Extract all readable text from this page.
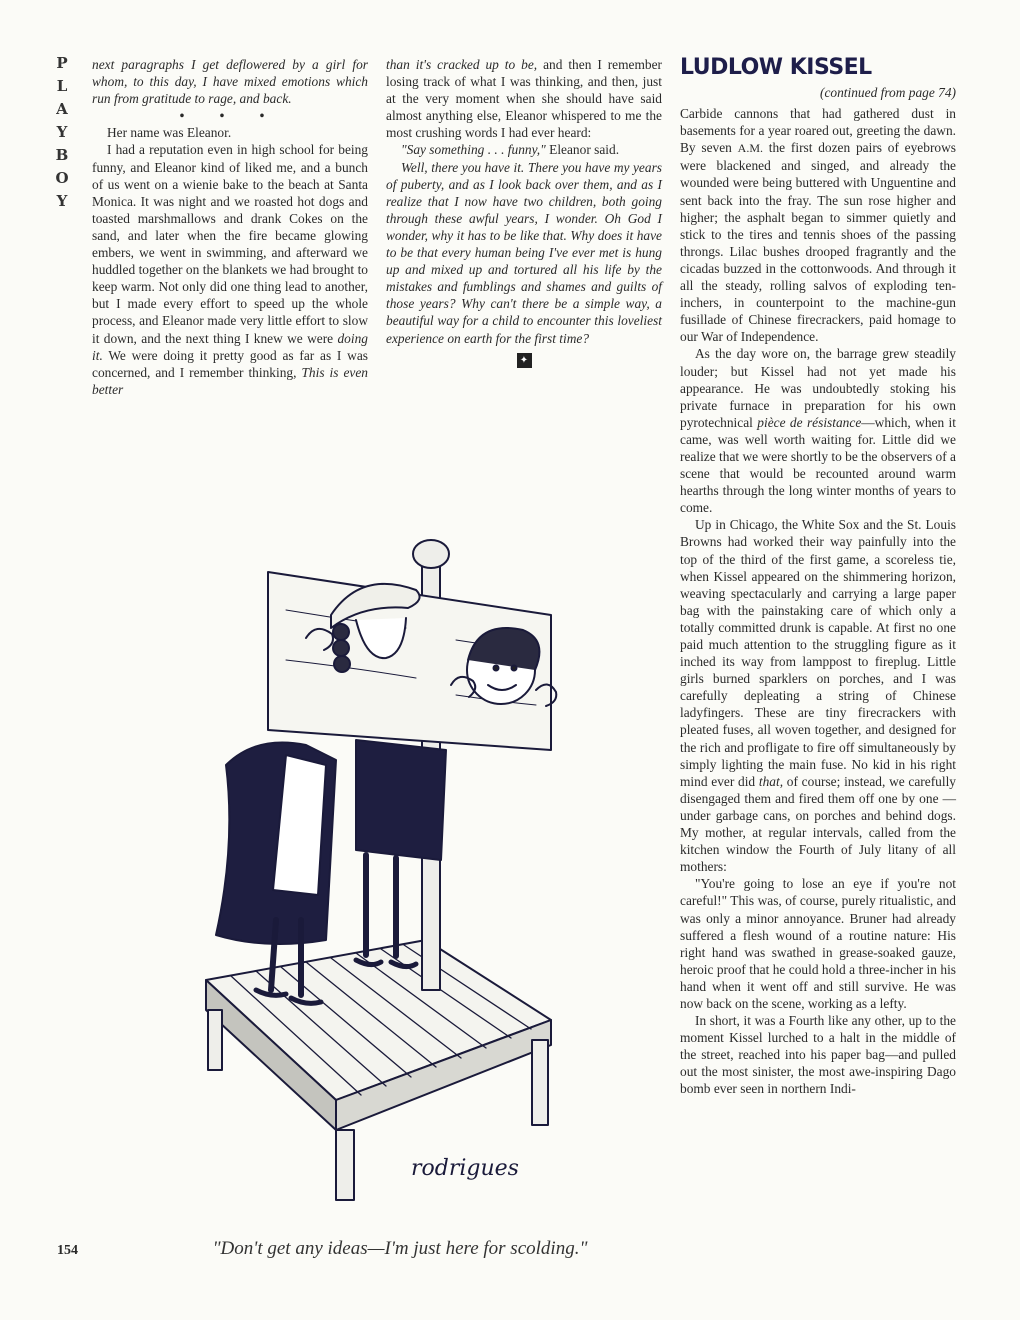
P
L
A
Y
B
O
Y

next paragraphs I get deflowered by a girl for whom, to this day, I have mixed emotions which run from gratitude to rage, and back.

• • •

Her name was Eleanor.

I had a reputation even in high school for being funny, and Eleanor kind of liked me, and a bunch of us went on a wienie bake to the beach at Santa Monica. It was night and we roasted hot dogs and toasted marshmallows and drank Cokes on the sand, and later when the fire became glowing embers, we went in swimming, and afterward we huddled together on the blankets we had brought to keep warm. Not only did one thing lead to another, but I made every effort to speed up the whole process, and Eleanor made very little effort to slow it down, and the next thing I knew we were doing it. We were doing it pretty good as far as I was concerned, and I remember thinking, This is even better

than it's cracked up to be, and then I remember losing track of what I was thinking, and then, just at the very moment when she should have said almost anything else, Eleanor whispered to me the most crushing words I had ever heard:

"Say something . . . funny," Eleanor said.

Well, there you have it. There you have my years of puberty, and as I look back over them, and as I realize that I now have two children, both going through these awful years, I wonder. Oh God I wonder, why it has to be like that. Why does it have to be that every human being I've ever met is hung up and mixed up and tortured all his life by the mistakes and fumblings and shames and guilts of those years? Why can't there be a simple way, a beautiful way for a child to encounter this loveliest experience on earth for the first time?

✦
LUDLOW KISSEL
(continued from page 74)

Carbide cannons that had gathered dust in basements for a year roared out, greeting the dawn. By seven A.M. the first dozen pairs of eyebrows were blackened and singed, and already the wounded were being buttered with Unguentine and sent back into the fray. The sun rose higher and higher; the asphalt began to simmer quietly and stick to the tires and tennis shoes of the passing throngs. Lilac bushes drooped fragrantly and the cicadas buzzed in the cottonwoods. And through it all the steady, rolling salvos of exploding ten-inchers, in counterpoint to the machine-gun fusillade of Chinese firecrackers, paid homage to our War of Independence.

As the day wore on, the barrage grew steadily louder; but Kissel had not yet made his appearance. He was undoubtedly stoking his private furnace in preparation for his own pyrotechnical pièce de résistance—which, when it came, was well worth waiting for. Little did we realize that we were shortly to be the observers of a scene that would be recounted around warm hearths through the long winter months of years to come.

Up in Chicago, the White Sox and the St. Louis Browns had worked their way painfully into the top of the third of the first game, a scoreless tie, when Kissel appeared on the shimmering horizon, weaving spectacularly and carrying a large paper bag with the painstaking care of which only a totally committed drunk is capable. At first no one paid much attention to the struggling figure as it inched its way from lamppost to fireplug. Little girls burned sparklers on porches, and I was carefully depleating a string of Chinese ladyfingers. These are tiny firecrackers with pleated fuses, all woven together, and designed for the rich and profligate to fire off simultaneously by simply lighting the main fuse. No kid in his right mind ever did that, of course; instead, we carefully disengaged them and fired them off one by one —under garbage cans, on porches and behind dogs. My mother, at regular intervals, called from the kitchen window the Fourth of July litany of all mothers:

"You're going to lose an eye if you're not careful!" This was, of course, purely ritualistic, and was only a minor annoyance. Bruner had already suffered a flesh wound of a routine nature: His right hand was swathed in grease-soaked gauze, heroic proof that he could hold a three-incher in his hand when it went off and still survive. He was now back on the scene, working as a lefty.

In short, it was a Fourth like any other, up to the moment Kissel lurched to a halt in the middle of the street, reached into his paper bag—and pulled out the most sinister, the most awe-inspiring Dago bomb ever seen in northern Indi-

rodrigues
"Don't get any ideas—I'm just here for scolding."
154
